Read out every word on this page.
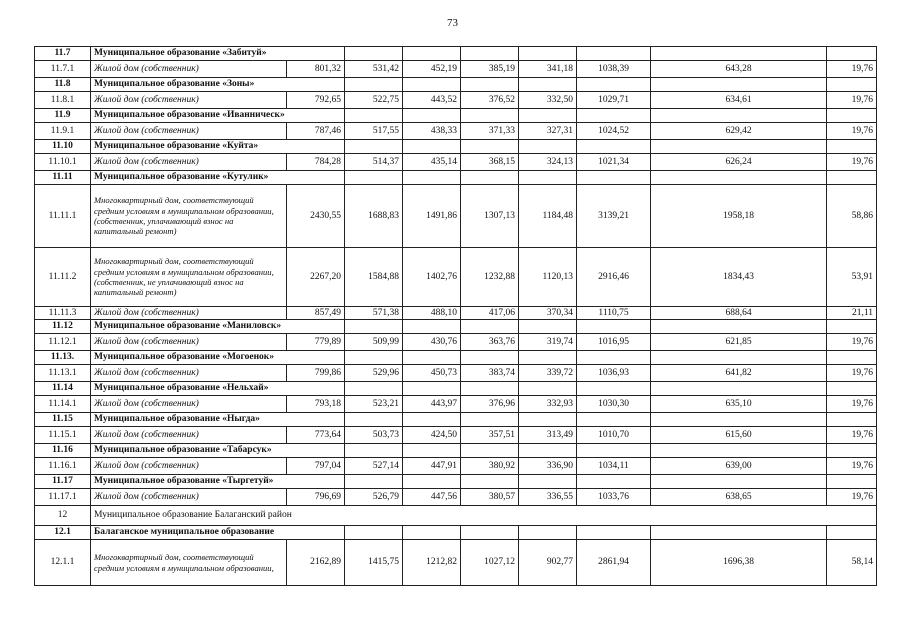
73
11.7	Муниципальное образование «Забитуй»								
11.7.1	Жилой дом (собственник)	801,32	531,42	452,19	385,19	341,18	1038,39	643,28	19,76
11.8	Муниципальное образование «Зоны»								
11.8.1	Жилой дом (собственник)	792,65	522,75	443,52	376,52	332,50	1029,71	634,61	19,76
11.9	Муниципальное образование «Иванническ»								
11.9.1	Жилой дом (собственник)	787,46	517,55	438,33	371,33	327,31	1024,52	629,42	19,76
11.10	Муниципальное образование «Куйта»								
11.10.1	Жилой дом (собственник)	784,28	514,37	435,14	368,15	324,13	1021,34	626,24	19,76
11.11	Муниципальное образование «Кутулик»								
11.11.1	Многоквартирный дом, соответствующий средним условиям в муниципальном образовании, (собственник, уплачивающий взнос на капитальный ремонт)	2430,55	1688,83	1491,86	1307,13	1184,48	3139,21	1958,18	58,86
11.11.2	Многоквартирный дом, соответствующий средним условиям в муниципальном образовании, (собственник, не уплачивающий взнос на капитальный ремонт)	2267,20	1584,88	1402,76	1232,88	1120,13	2916,46	1834,43	53,91
11.11.3	Жилой дом (собственник)	857,49	571,38	488,10	417,06	370,34	1110,75	688,64	21,11
11.12	Муниципальное образование «Маниловск»								
11.12.1	Жилой дом (собственник)	779,89	509,99	430,76	363,76	319,74	1016,95	621,85	19,76
11.13.	Муниципальное образование «Могоенок»								
11.13.1	Жилой дом (собственник)	799,86	529,96	450,73	383,74	339,72	1036,93	641,82	19,76
11.14	Муниципальное образование «Нельхай»								
11.14.1	Жилой дом (собственник)	793,18	523,21	443,97	376,96	332,93	1030,30	635,10	19,76
11.15	Муниципальное образование «Ныгда»								
11.15.1	Жилой дом (собственник)	773,64	503,73	424,50	357,51	313,49	1010,70	615,60	19,76
11.16	Муниципальное образование «Табарсук»								
11.16.1	Жилой дом (собственник)	797,04	527,14	447,91	380,92	336,90	1034,11	639,00	19,76
11.17	Муниципальное образование «Тыргетуй»								
11.17.1	Жилой дом (собственник)	796,69	526,79	447,56	380,57	336,55	1033,76	638,65	19,76
12	Муниципальное образование Балаганский район								
12.1	Балаганское муниципальное образование								
12.1.1	Многоквартирный дом, соответствующий средним условиям в муниципальном образовании,	2162,89	1415,75	1212,82	1027,12	902,77	2861,94	1696,38	58,14
